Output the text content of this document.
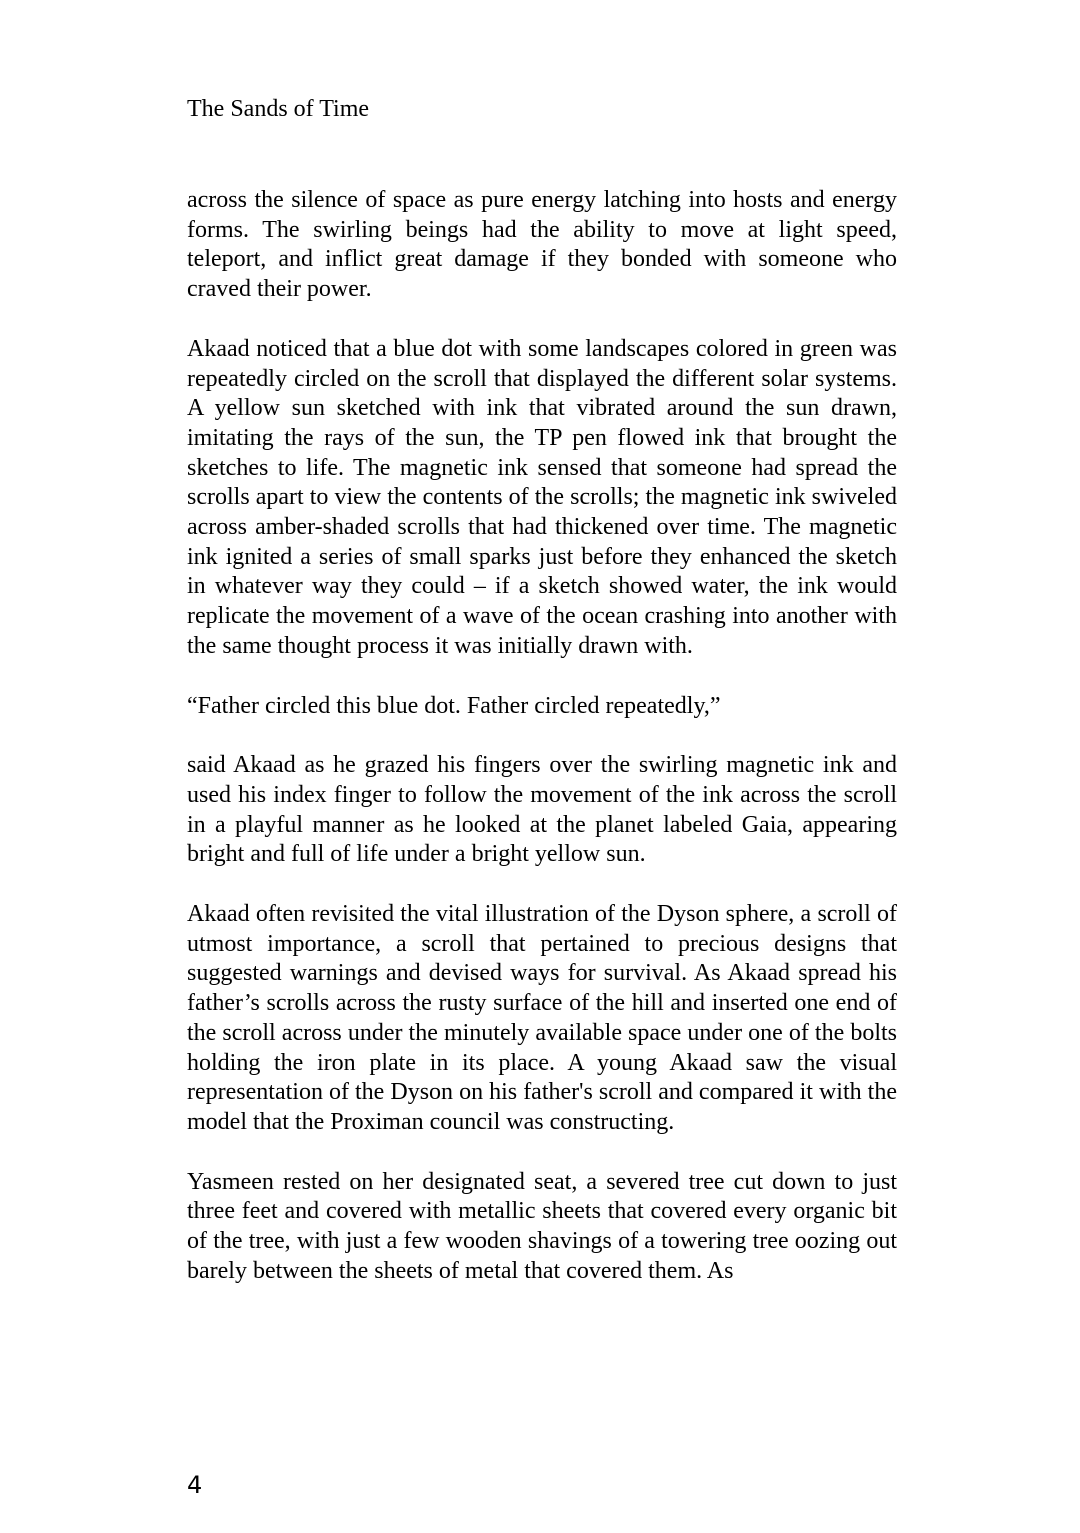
The Sands of Time

across the silence of space as pure energy latching into hosts and energy forms. The swirling beings had the ability to move at light speed, teleport, and inflict great damage if they bonded with someone who craved their power.

Akaad noticed that a blue dot with some landscapes colored in green was repeatedly circled on the scroll that displayed the different solar systems. A yellow sun sketched with ink that vibrated around the sun drawn, imitating the rays of the sun, the TP pen flowed ink that brought the sketches to life. The magnetic ink sensed that someone had spread the scrolls apart to view the contents of the scrolls; the magnetic ink swiveled across amber-shaded scrolls that had thickened over time. The magnetic ink ignited a series of small sparks just before they enhanced the sketch in whatever way they could – if a sketch showed water, the ink would replicate the movement of a wave of the ocean crashing into another with the same thought process it was initially drawn with.

“Father circled this blue dot. Father circled repeatedly,”

said Akaad as he grazed his fingers over the swirling magnetic ink and used his index finger to follow the movement of the ink across the scroll in a playful manner as he looked at the planet labeled Gaia, appearing bright and full of life under a bright yellow sun.

Akaad often revisited the vital illustration of the Dyson sphere, a scroll of utmost importance, a scroll that pertained to precious designs that suggested warnings and devised ways for survival. As Akaad spread his father’s scrolls across the rusty surface of the hill and inserted one end of the scroll across under the minutely available space under one of the bolts holding the iron plate in its place. A young Akaad saw the visual representation of the Dyson on his father's scroll and compared it with the model that the Proximan council was constructing.

Yasmeen rested on her designated seat, a severed tree cut down to just three feet and covered with metallic sheets that covered every organic bit of the tree, with just a few wooden shavings of a towering tree oozing out barely between the sheets of metal that covered them. As

4
